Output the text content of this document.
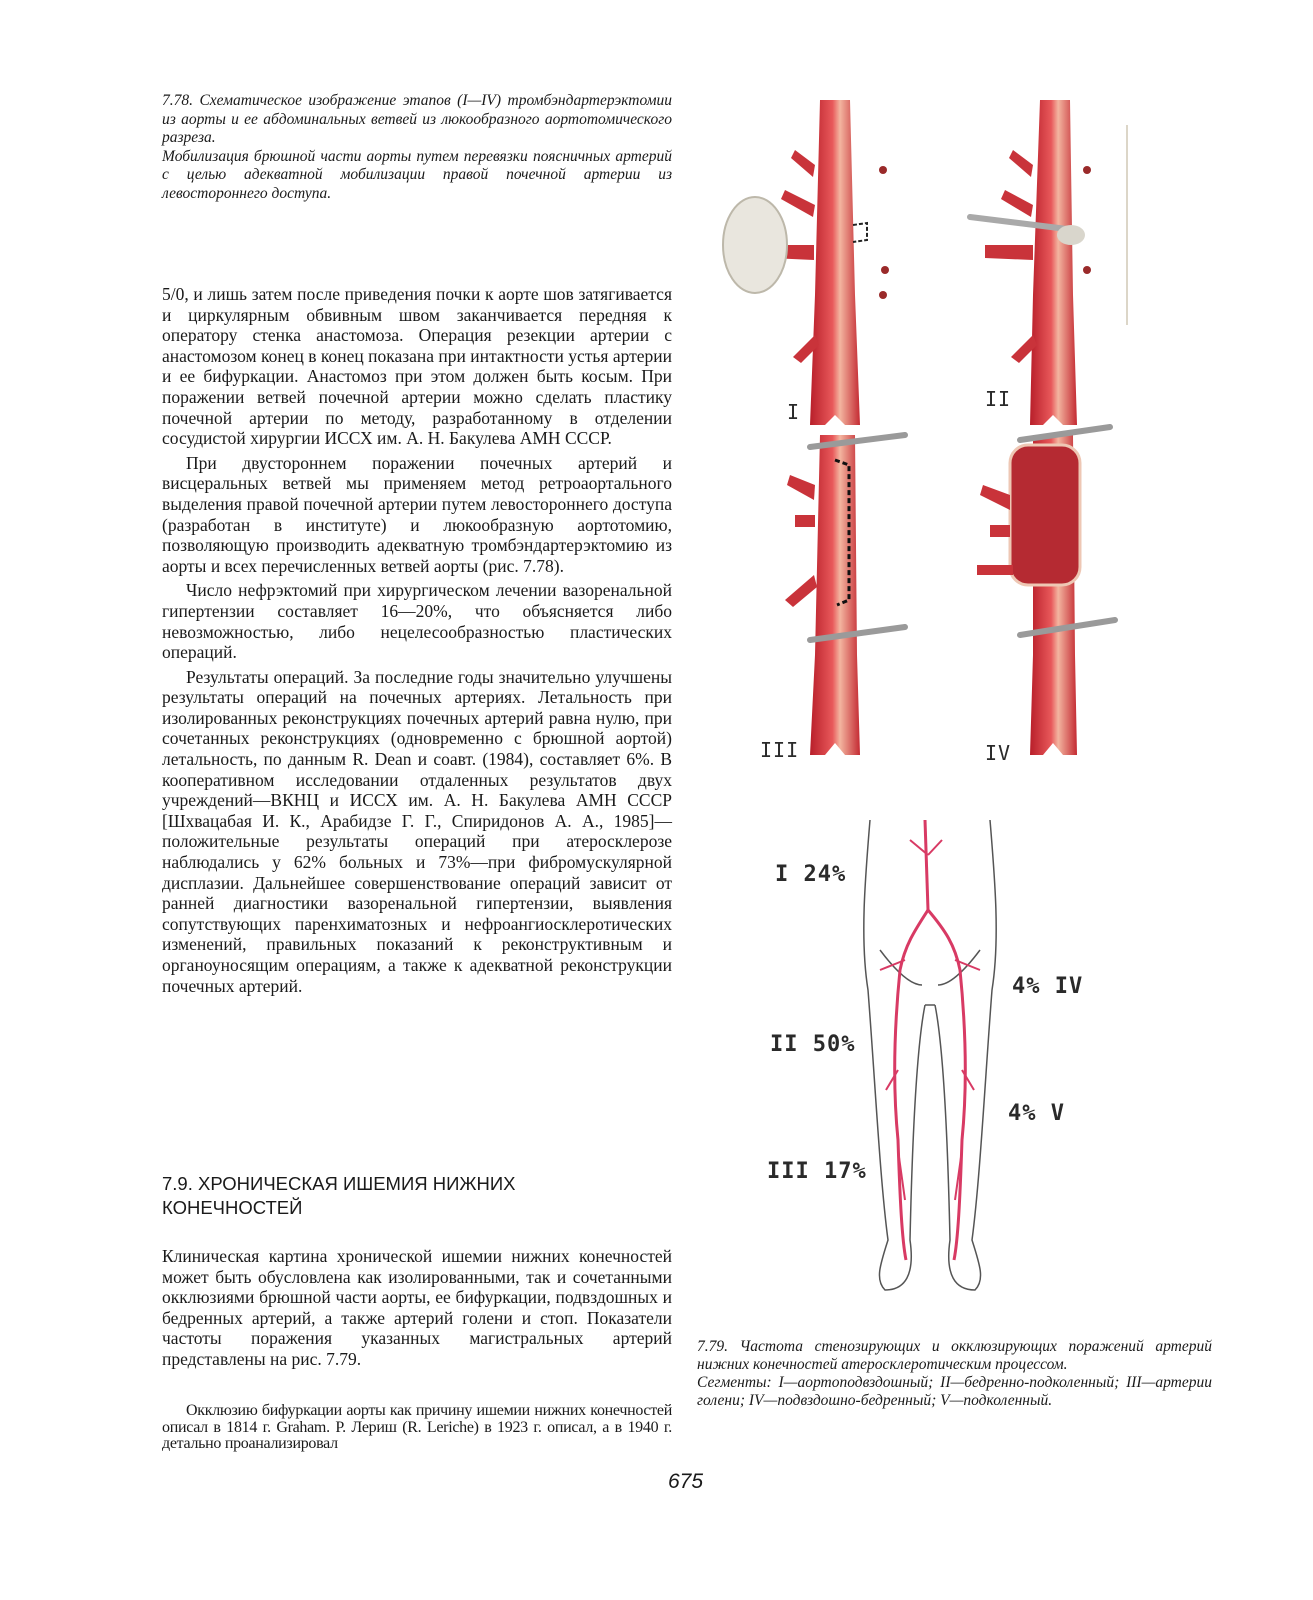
7.78. Схематическое изображение этапов (I—IV) тромбэндартерэктомии из аорты и ее абдоминальных ветвей из люкообразного аортотомического разреза.

Мобилизация брюшной части аорты путем перевязки поясничных артерий с целью адекватной мобилизации правой почечной артерии из левостороннего доступа.

5/0, и лишь затем после приведения почки к аорте шов затягивается и циркулярным обвивным швом заканчивается передняя к оператору стенка анастомоза. Операция резекции артерии с анастомозом конец в конец показана при интактности устья артерии и ее бифуркации. Анастомоз при этом должен быть косым. При поражении ветвей почечной артерии можно сделать пластику почечной артерии по методу, разработанному в отделении сосудистой хирургии ИССХ им. А. Н. Бакулева АМН СССР.

При двустороннем поражении почечных артерий и висцеральных ветвей мы применяем метод ретроаортального выделения правой почечной артерии путем левостороннего доступа (разработан в институте) и люкообразную аортотомию, позволяющую производить адекватную тромбэндартерэктомию из аорты и всех перечисленных ветвей аорты (рис. 7.78).

Число нефрэктомий при хирургическом лечении вазоренальной гипертензии составляет 16—20%, что объясняется либо невозможностью, либо нецелесообразностью пластических операций.

Результаты операций. За последние годы значительно улучшены результаты операций на почечных артериях. Летальность при изолированных реконструкциях почечных артерий равна нулю, при сочетанных реконструкциях (одновременно с брюшной аортой) летальность, по данным R. Dean и соавт. (1984), составляет 6%. В кооперативном исследовании отдаленных результатов двух учреждений—ВКНЦ и ИССХ им. А. Н. Бакулева АМН СССР [Шхвацабая И. К., Арабидзе Г. Г., Спиридонов А. А., 1985]—положительные результаты операций при атеросклерозе наблюдались у 62% больных и 73%—при фибромускулярной дисплазии. Дальнейшее совершенствование операций зависит от ранней диагностики вазоренальной гипертензии, выявления сопутствующих паренхиматозных и нефроангиосклеротических изменений, правильных показаний к реконструктивным и органоуносящим операциям, а также к адекватной реконструкции почечных артерий.

7.9. ХРОНИЧЕСКАЯ ИШЕМИЯ НИЖНИХ
КОНЕЧНОСТЕЙ

Клиническая картина хронической ишемии нижних конечностей может быть обусловлена как изолированными, так и сочетанными окклюзиями брюшной части аорты, ее бифуркации, подвздошных и бедренных артерий, а также артерий голени и стоп. Показатели частоты поражения указанных магистральных артерий представлены на рис. 7.79.

Окклюзию бифуркации аорты как причину ишемии нижних конечностей описал в 1814 г. Graham. P. Лериш (R. Leriche) в 1923 г. описал, а в 1940 г. детально проанализировал

I
II
III	IV
I 24%
II 50%
III 17%
4% IV
4% V

7.79. Частота стенозирующих и окклюзирующих поражений артерий нижних конечностей атеросклеротическим процессом.

Сегменты: I—аортоподвздошный; II—бедренно-подколенный; III—артерии голени; IV—подвздошно-бедренный; V—подколенный.

675
